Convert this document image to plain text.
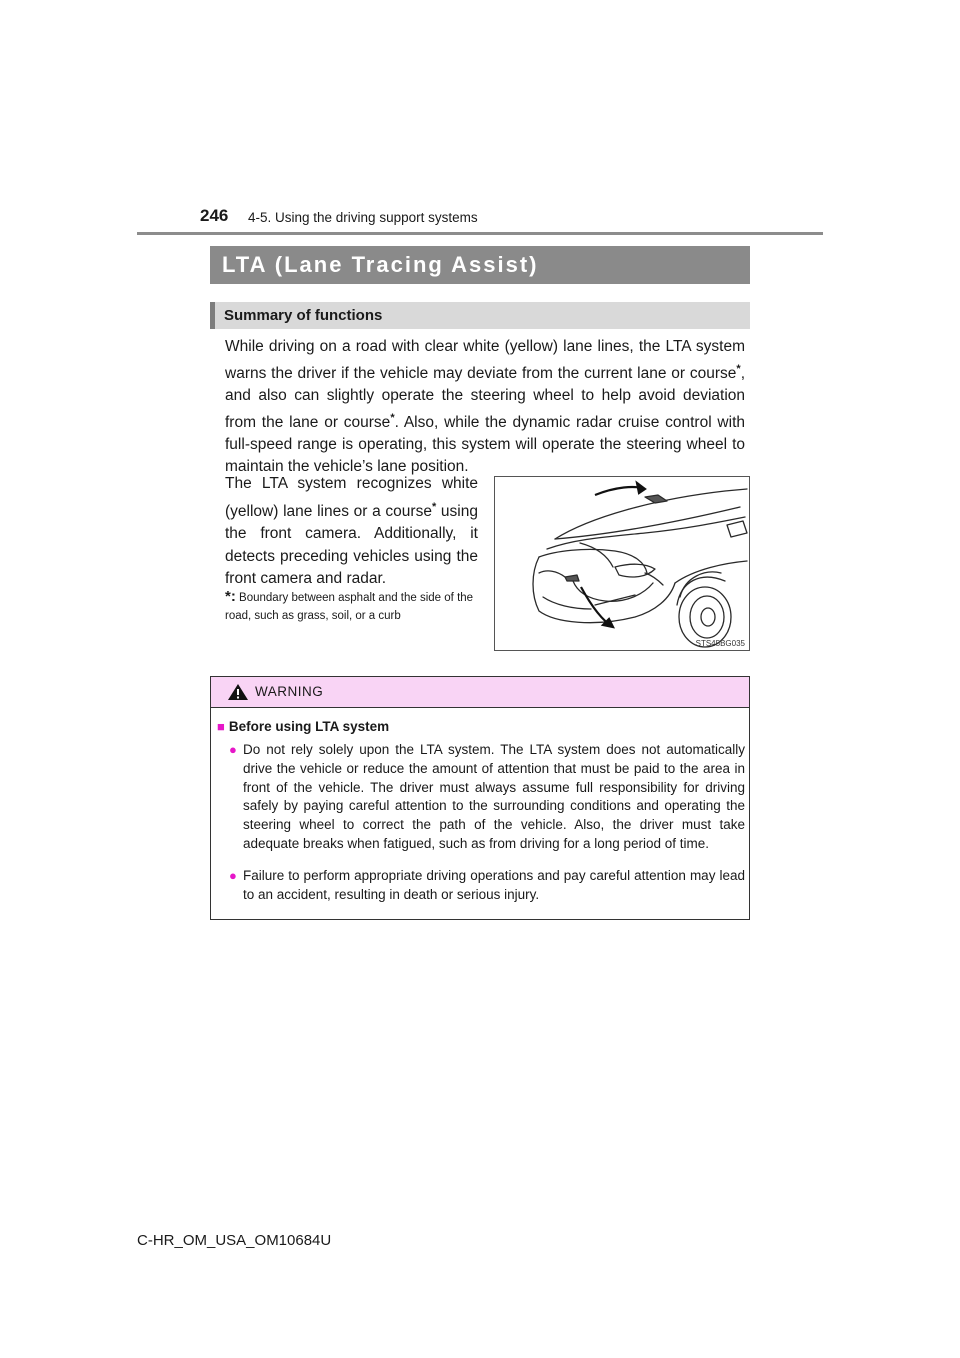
246 4-5. Using the driving support systems
LTA (Lane Tracing Assist)
Summary of functions

While driving on a road with clear white (yellow) lane lines, the LTA system warns the driver if the vehicle may deviate from the current lane or course*, and also can slightly operate the steering wheel to help avoid deviation from the lane or course*. Also, while the dynamic radar cruise control with full-speed range is operating, this system will operate the steering wheel to maintain the vehicle’s lane position.

The LTA system recognizes white (yellow) lane lines or a course* using the front camera. Additionally, it detects preceding vehicles using the front camera and radar.

*: Boundary between asphalt and the side of the road, such as grass, soil, or a curb

STS45BG035
WARNING
■ Before using LTA system

● Do not rely solely upon the LTA system. The LTA system does not automatically drive the vehicle or reduce the amount of attention that must be paid to the area in front of the vehicle. The driver must always assume full responsibility for driving safely by paying careful attention to the surrounding conditions and operating the steering wheel to correct the path of the vehicle. Also, the driver must take adequate breaks when fatigued, such as from driving for a long period of time.

● Failure to perform appropriate driving operations and pay careful attention may lead to an accident, resulting in death or serious injury.

C-HR_OM_USA_OM10684U
